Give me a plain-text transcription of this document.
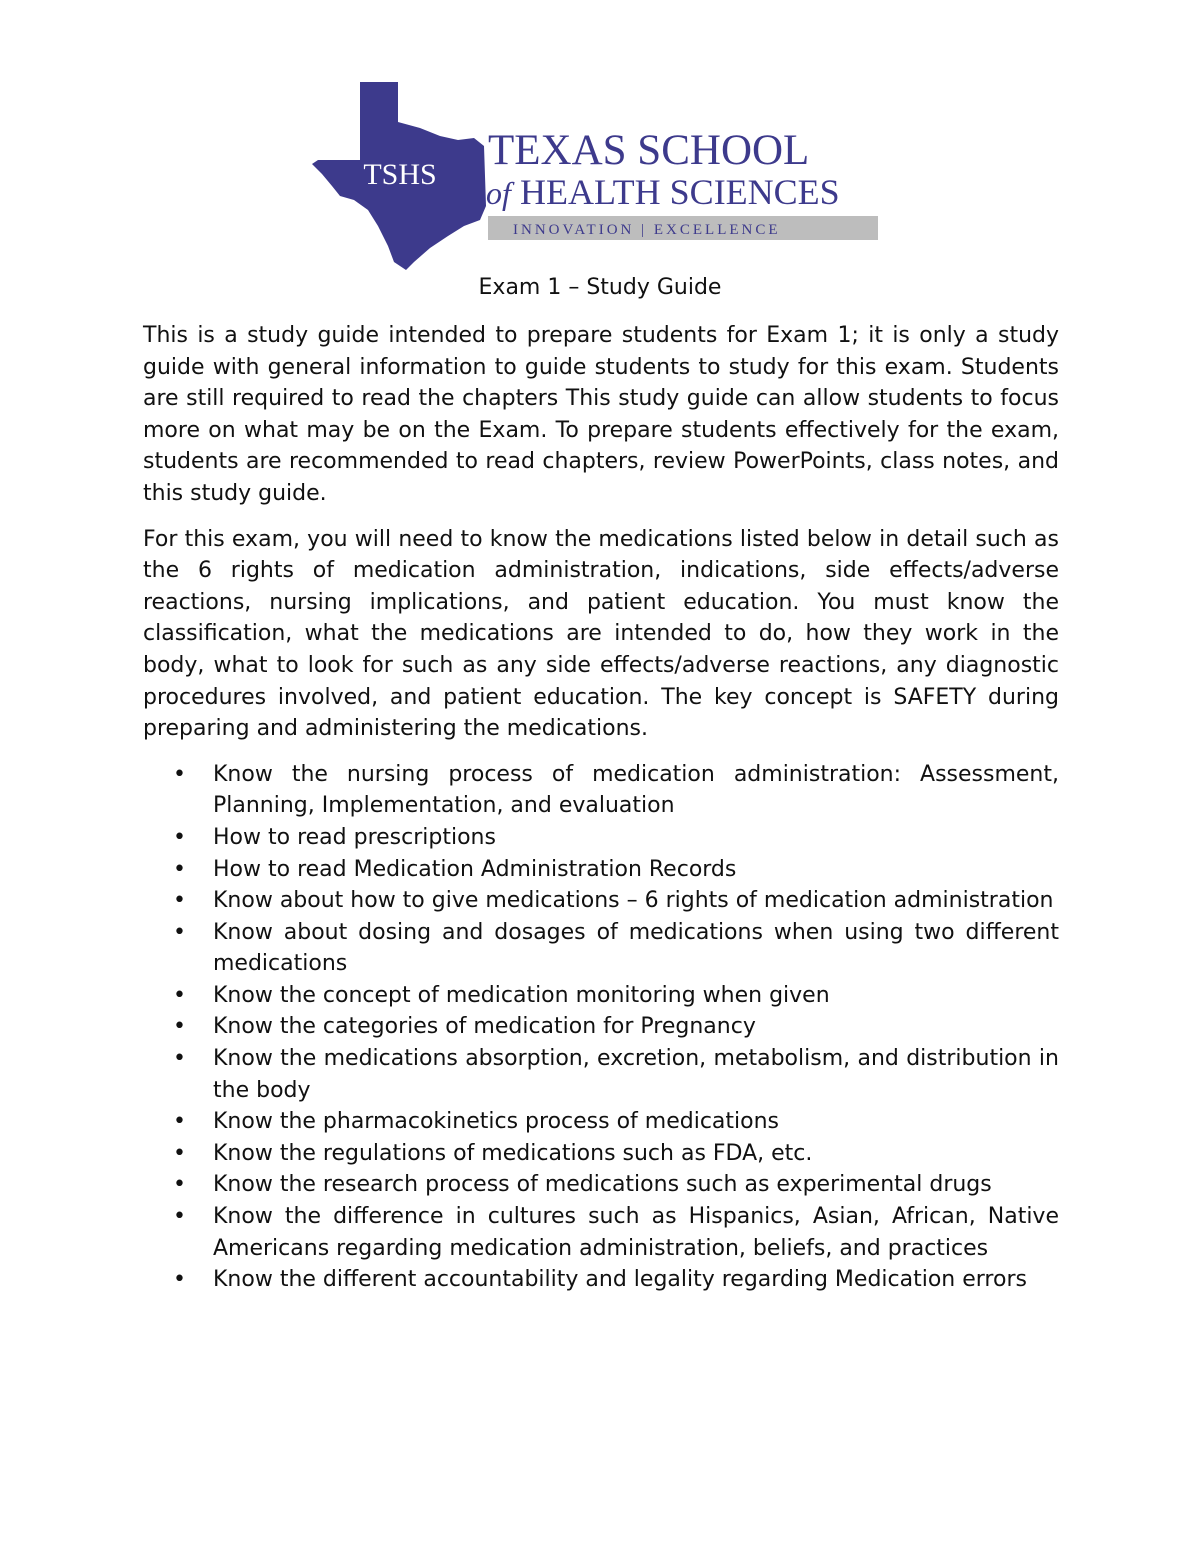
TSHS
TEXAS SCHOOL
of HEALTH SCIENCES
INNOVATION | EXCELLENCE
Exam 1 – Study Guide

This is a study guide intended to prepare students for Exam 1; it is only a study guide with general information to guide students to study for this exam. Students are still required to read the chapters This study guide can allow students to focus more on what may be on the Exam. To prepare students effectively for the exam, students are recommended to read chapters, review PowerPoints, class notes, and this study guide.

For this exam, you will need to know the medications listed below in detail such as the 6 rights of medication administration, indications, side effects/adverse reactions, nursing implications, and patient education. You must know the classification, what the medications are intended to do, how they work in the body, what to look for such as any side effects/adverse reactions, any diagnostic procedures involved, and patient education. The key concept is SAFETY during preparing and administering the medications.

• Know the nursing process of medication administration: Assessment, Planning, Implementation, and evaluation
• How to read prescriptions
• How to read Medication Administration Records
• Know about how to give medications – 6 rights of medication administration
• Know about dosing and dosages of medications when using two different medications
• Know the concept of medication monitoring when given
• Know the categories of medication for Pregnancy
• Know the medications absorption, excretion, metabolism, and distribution in the body
• Know the pharmacokinetics process of medications
• Know the regulations of medications such as FDA, etc.
• Know the research process of medications such as experimental drugs
• Know the difference in cultures such as Hispanics, Asian, African, Native Americans regarding medication administration, beliefs, and practices
• Know the different accountability and legality regarding Medication errors
